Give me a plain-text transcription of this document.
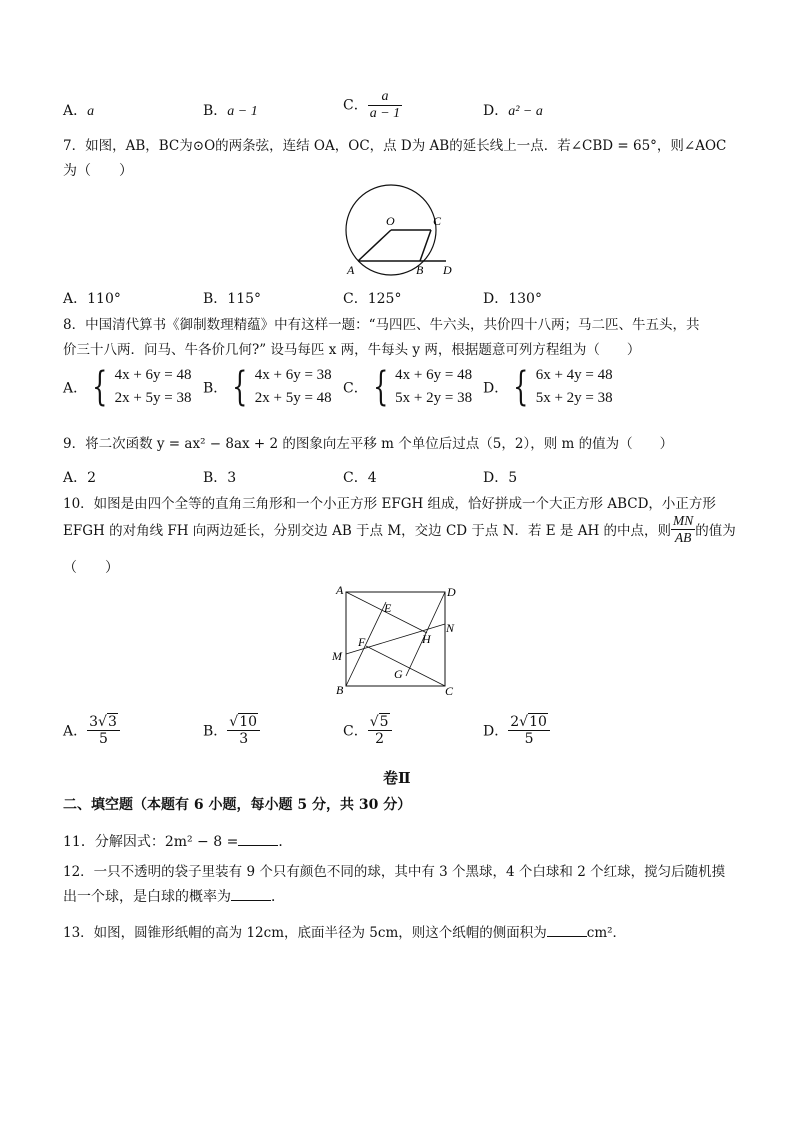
A．a	B．a − 1	C． $\frac{a}{a - 1}$	D．a² − a
7．如图，AB，BC为⊙O的两条弦，连结 OA，OC，点 D为 AB的延长线上一点．若∠CBD = 65°，则∠AOC
为（　　）
O	C
A	B D
A．110°	B．115°	C．125°	D．130°
8．中国清代算书《御制数理精蕴》中有这样一题：“马四匹、牛六头，共价四十八两；马二匹、牛五头，共
价三十八两．问马、牛各价几何?” 设马每匹 x 两，牛每头 y 两，根据题意可列方程组为（　　）
A． { 4x + 6y = 48
2x + 5y = 38
B． { 4x + 6y = 38
2x + 5y = 48
C． { 4x + 6y = 48
5x + 2y = 38
D． { 6x + 4y = 48
5x + 2y = 38
9．将二次函数 y = ax² − 8ax + 2 的图象向左平移 m 个单位后过点（5，2），则 m 的值为（　　）
A．2	B．3	C．4	D．5
10．如图是由四个全等的直角三角形和一个小正方形 EFGH 组成，恰好拼成一个大正方形 ABCD，小正方形
EFGH 的对角线 FH 向两边延长，分别交边 AB 于点 M，交边 CD 于点 N．若 E 是 AH 的中点，则 $\frac{MN}{AB}$ 的值为
（　　）
A	D
E
N
H
F
M
G
B	C
A． $\frac{3√3}{5}$	B． $\frac{√10}{3}$	C． $\frac{√5}{2}$	D． $\frac{2√10}{5}$
卷Ⅱ
二、填空题（本题有 6 小题，每小题 5 分，共 30 分）
11．分解因式：2m² − 8 =	．
12．一只不透明的袋子里装有 9 个只有颜色不同的球，其中有 3 个黑球，4 个白球和 2 个红球，搅匀后随机摸
出一个球，是白球的概率为	．
13．如图，圆锥形纸帽的高为 12cm，底面半径为 5cm，则这个纸帽的侧面积为	cm²．
